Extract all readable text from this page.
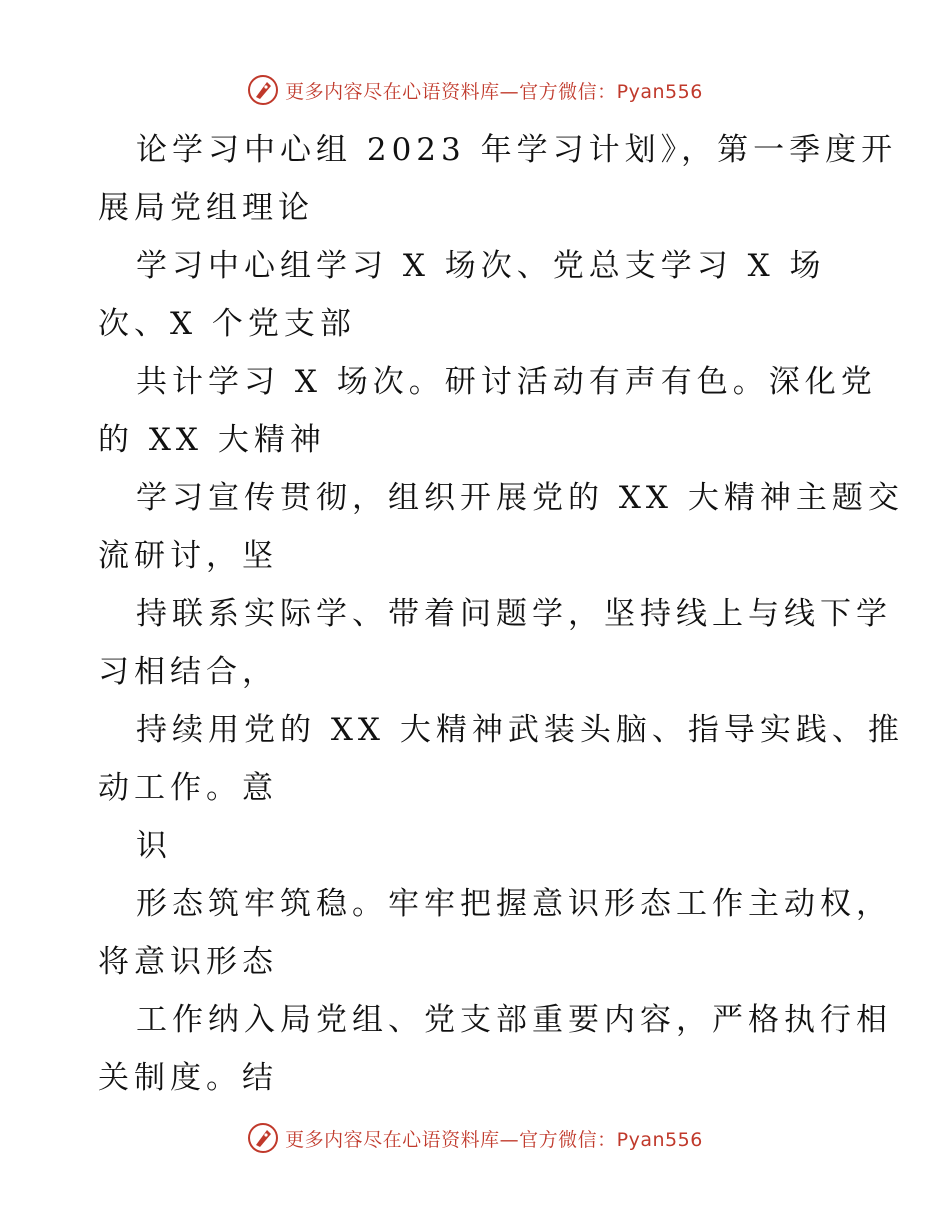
更多内容尽在心语资料库—官方微信：Pyan556
论学习中心组 2023 年学习计划》，第一季度开
展局党组理论
学习中心组学习 X 场次、党总支学习 X 场
次、X 个党支部
共计学习 X 场次。研讨活动有声有色。深化党
的 XX 大精神
学习宣传贯彻，组织开展党的 XX 大精神主题交
流研讨，坚
持联系实际学、带着问题学，坚持线上与线下学
习相结合，
持续用党的 XX 大精神武装头脑、指导实践、推
动工作。意
识
形态筑牢筑稳。牢牢把握意识形态工作主动权，
将意识形态
工作纳入局党组、党支部重要内容，严格执行相
关制度。结
更多内容尽在心语资料库—官方微信：Pyan556
